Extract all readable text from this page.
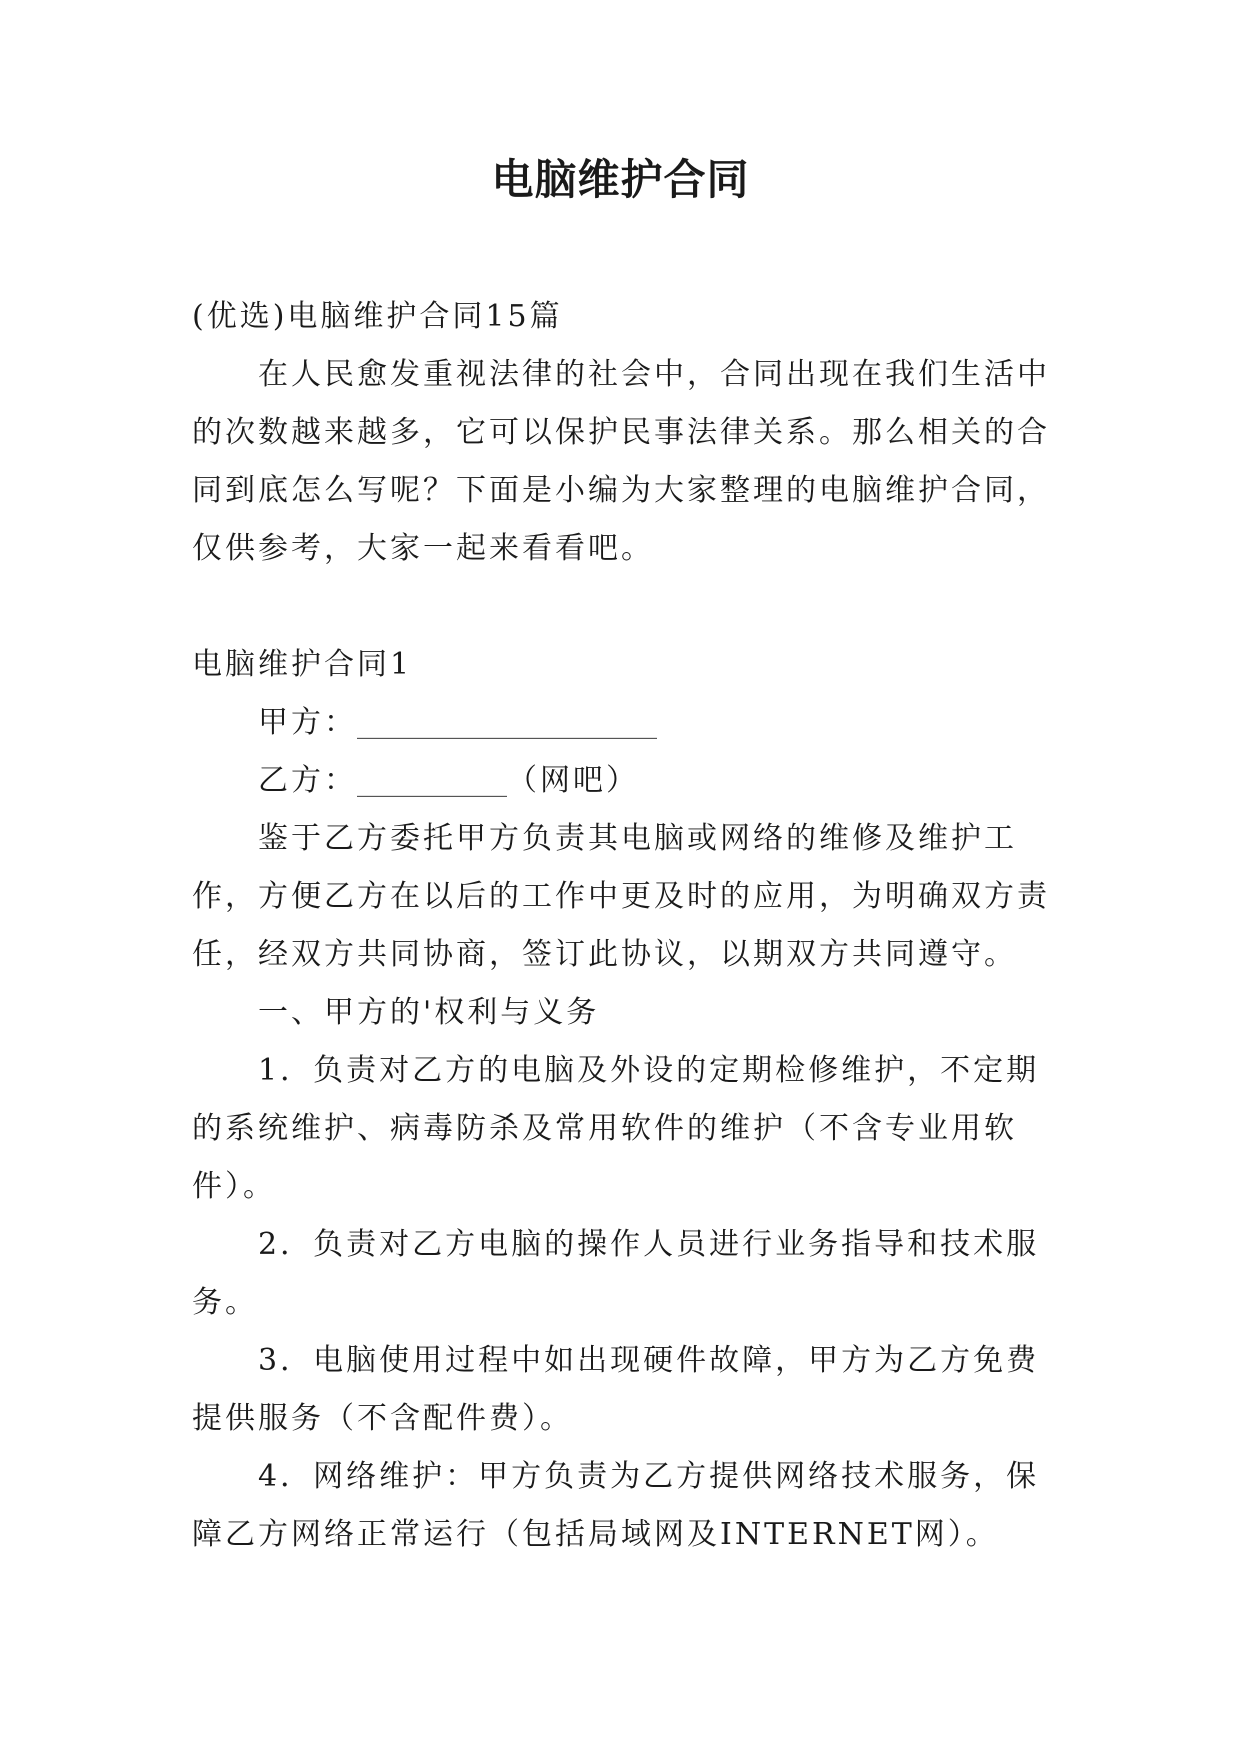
电脑维护合同

(优选)电脑维护合同15篇

在人民愈发重视法律的社会中，合同出现在我们生活中

的次数越来越多，它可以保护民事法律关系。那么相关的合

同到底怎么写呢？下面是小编为大家整理的电脑维护合同，

仅供参考，大家一起来看看吧。

电脑维护合同1

甲方：____________________

乙方：__________（网吧）

鉴于乙方委托甲方负责其电脑或网络的维修及维护工

作，方便乙方在以后的工作中更及时的应用，为明确双方责

任，经双方共同协商，签订此协议，以期双方共同遵守。

一、甲方的'权利与义务

1．负责对乙方的电脑及外设的定期检修维护，不定期

的系统维护、病毒防杀及常用软件的维护（不含专业用软

件）。

2．负责对乙方电脑的操作人员进行业务指导和技术服

务。

3．电脑使用过程中如出现硬件故障，甲方为乙方免费

提供服务（不含配件费）。

4．网络维护：甲方负责为乙方提供网络技术服务，保

障乙方网络正常运行（包括局域网及INTERNET网）。
